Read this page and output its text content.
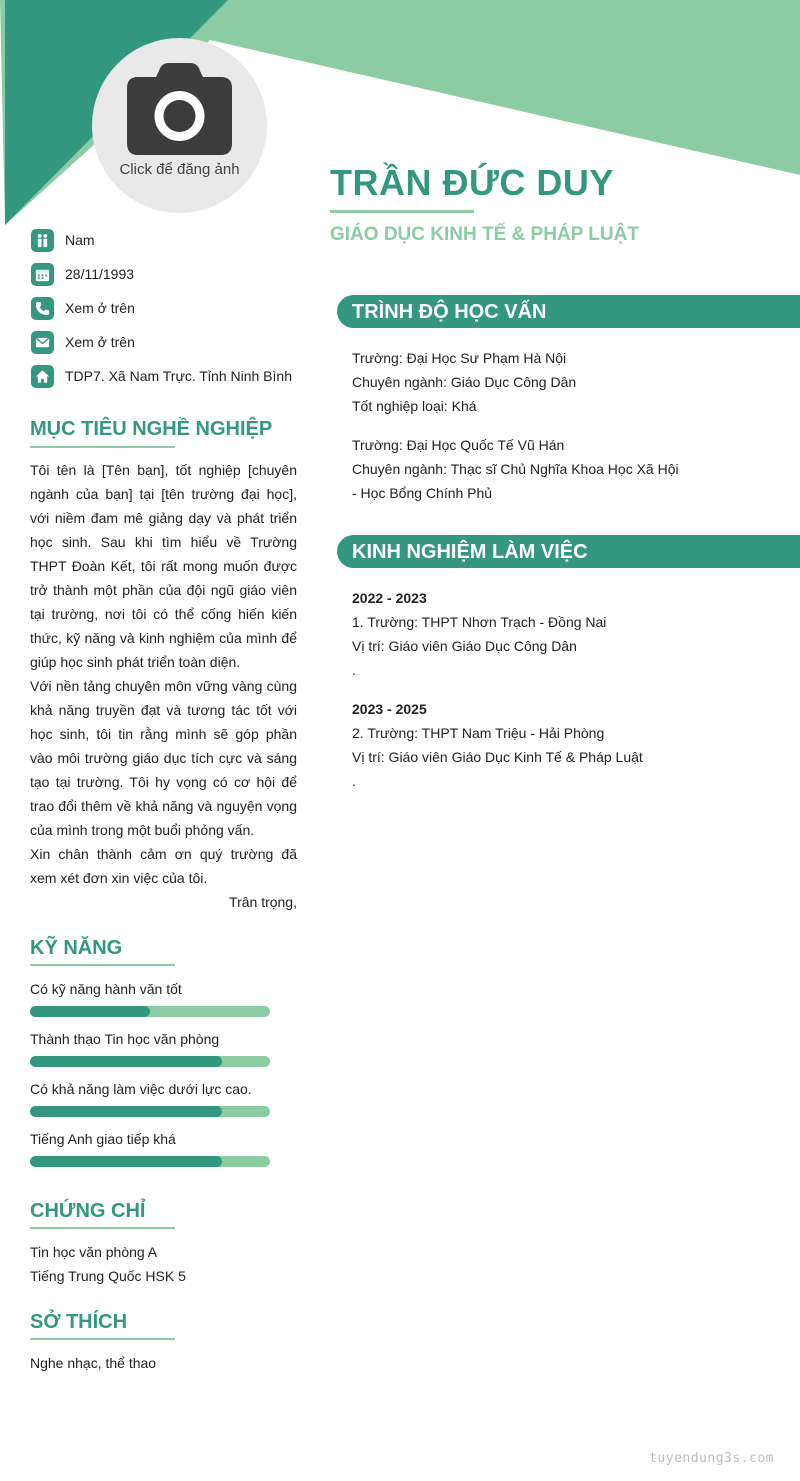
Click để đăng ảnh	TRẦN ĐỨC DUY
GIÁO DỤC KINH TẾ & PHÁP LUẬT
Nam
28/11/1993
Xem ở trên
Xem ở trên
TDP7. Xã Nam Trực. Tỉnh Ninh Bình
MỤC TIÊU NGHỀ NGHIỆP

Tôi tên là [Tên bạn], tốt nghiệp [chuyên ngành của bạn] tại [tên trường đại học], với niềm đam mê giảng dạy và phát triển học sinh. Sau khi tìm hiểu về Trường THPT Đoàn Kết, tôi rất mong muốn được trở thành một phần của đội ngũ giáo viên tại trường, nơi tôi có thể cống hiến kiến thức, kỹ năng và kinh nghiệm của mình để giúp học sinh phát triển toàn diện.

Với nền tảng chuyên môn vững vàng cùng khả năng truyền đạt và tương tác tốt với học sinh, tôi tin rằng mình sẽ góp phần vào môi trường giáo dục tích cực và sáng tạo tại trường. Tôi hy vọng có cơ hội để trao đổi thêm về khả năng và nguyện vọng của mình trong một buổi phỏng vấn.

Xin chân thành cảm ơn quý trường đã xem xét đơn xin việc của tôi.

Trân trọng,
KỸ NĂNG
Có kỹ năng hành văn tốt
Thành thạo Tin học văn phòng
Có khả năng làm việc dưới lực cao.
Tiếng Anh giao tiếp khá
CHỨNG CHỈ
Tin học văn phòng A
Tiếng Trung Quốc HSK 5
SỞ THÍCH
Nghe nhạc, thể thao
TRÌNH ĐỘ HỌC VẤN
Trường: Đại Học Sư Phạm Hà Nội
Chuyên ngành: Giáo Dục Công Dân
Tốt nghiệp loại: Khá
Trường: Đại Học Quốc Tế Vũ Hán
Chuyên ngành: Thạc sĩ Chủ Nghĩa Khoa Học Xã Hội
- Học Bổng Chính Phủ
KINH NGHIỆM LÀM VIỆC
2022 - 2023
1. Trường: THPT Nhơn Trạch - Đồng Nai
Vị trí: Giáo viên Giáo Dục Công Dân
.
2023 - 2025
2. Trường: THPT Nam Triệu - Hải Phòng
Vị trí: Giáo viên Giáo Dục Kinh Tế & Pháp Luật
.
tuyendung3s.com
